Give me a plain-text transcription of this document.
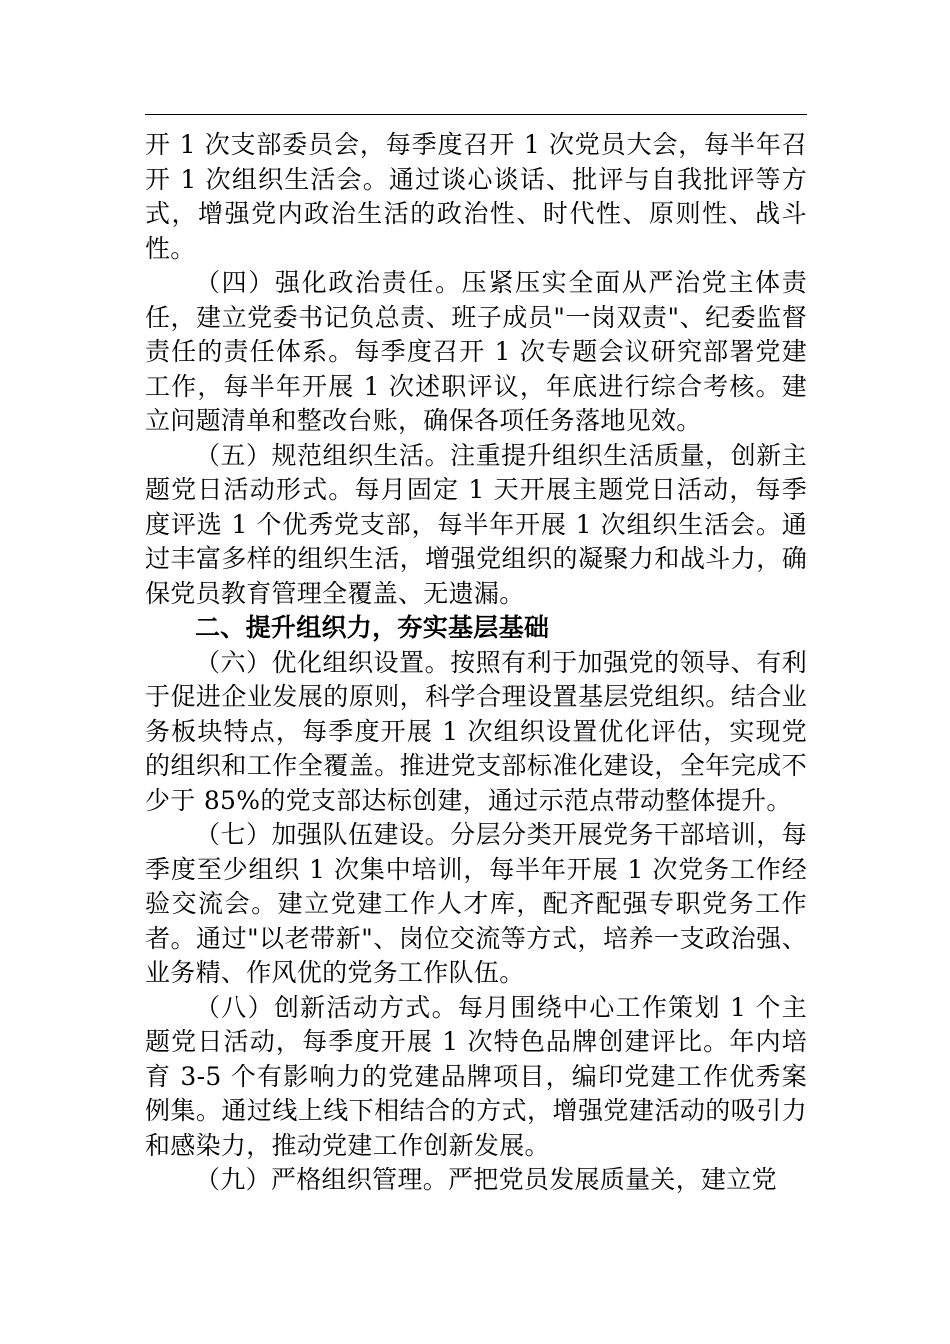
开 1 次支部委员会，每季度召开 1 次党员大会，每半年召开 1 次组织生活会。通过谈心谈话、批评与自我批评等方式，增强党内政治生活的政治性、时代性、原则性、战斗性。

（四）强化政治责任。压紧压实全面从严治党主体责任，建立党委书记负总责、班子成员"一岗双责"、纪委监督责任的责任体系。每季度召开 1 次专题会议研究部署党建工作，每半年开展 1 次述职评议，年底进行综合考核。建立问题清单和整改台账，确保各项任务落地见效。

（五）规范组织生活。注重提升组织生活质量，创新主题党日活动形式。每月固定 1 天开展主题党日活动，每季度评选 1 个优秀党支部，每半年开展 1 次组织生活会。通过丰富多样的组织生活，增强党组织的凝聚力和战斗力，确保党员教育管理全覆盖、无遗漏。

二、提升组织力，夯实基层基础

（六）优化组织设置。按照有利于加强党的领导、有利于促进企业发展的原则，科学合理设置基层党组织。结合业务板块特点，每季度开展 1 次组织设置优化评估，实现党的组织和工作全覆盖。推进党支部标准化建设，全年完成不少于 85%的党支部达标创建，通过示范点带动整体提升。

（七）加强队伍建设。分层分类开展党务干部培训，每季度至少组织 1 次集中培训，每半年开展 1 次党务工作经验交流会。建立党建工作人才库，配齐配强专职党务工作者。通过"以老带新"、岗位交流等方式，培养一支政治强、业务精、作风优的党务工作队伍。

（八）创新活动方式。每月围绕中心工作策划 1 个主题党日活动，每季度开展 1 次特色品牌创建评比。年内培育 3-5 个有影响力的党建品牌项目，编印党建工作优秀案例集。通过线上线下相结合的方式，增强党建活动的吸引力和感染力，推动党建工作创新发展。

（九）严格组织管理。严把党员发展质量关，建立党
